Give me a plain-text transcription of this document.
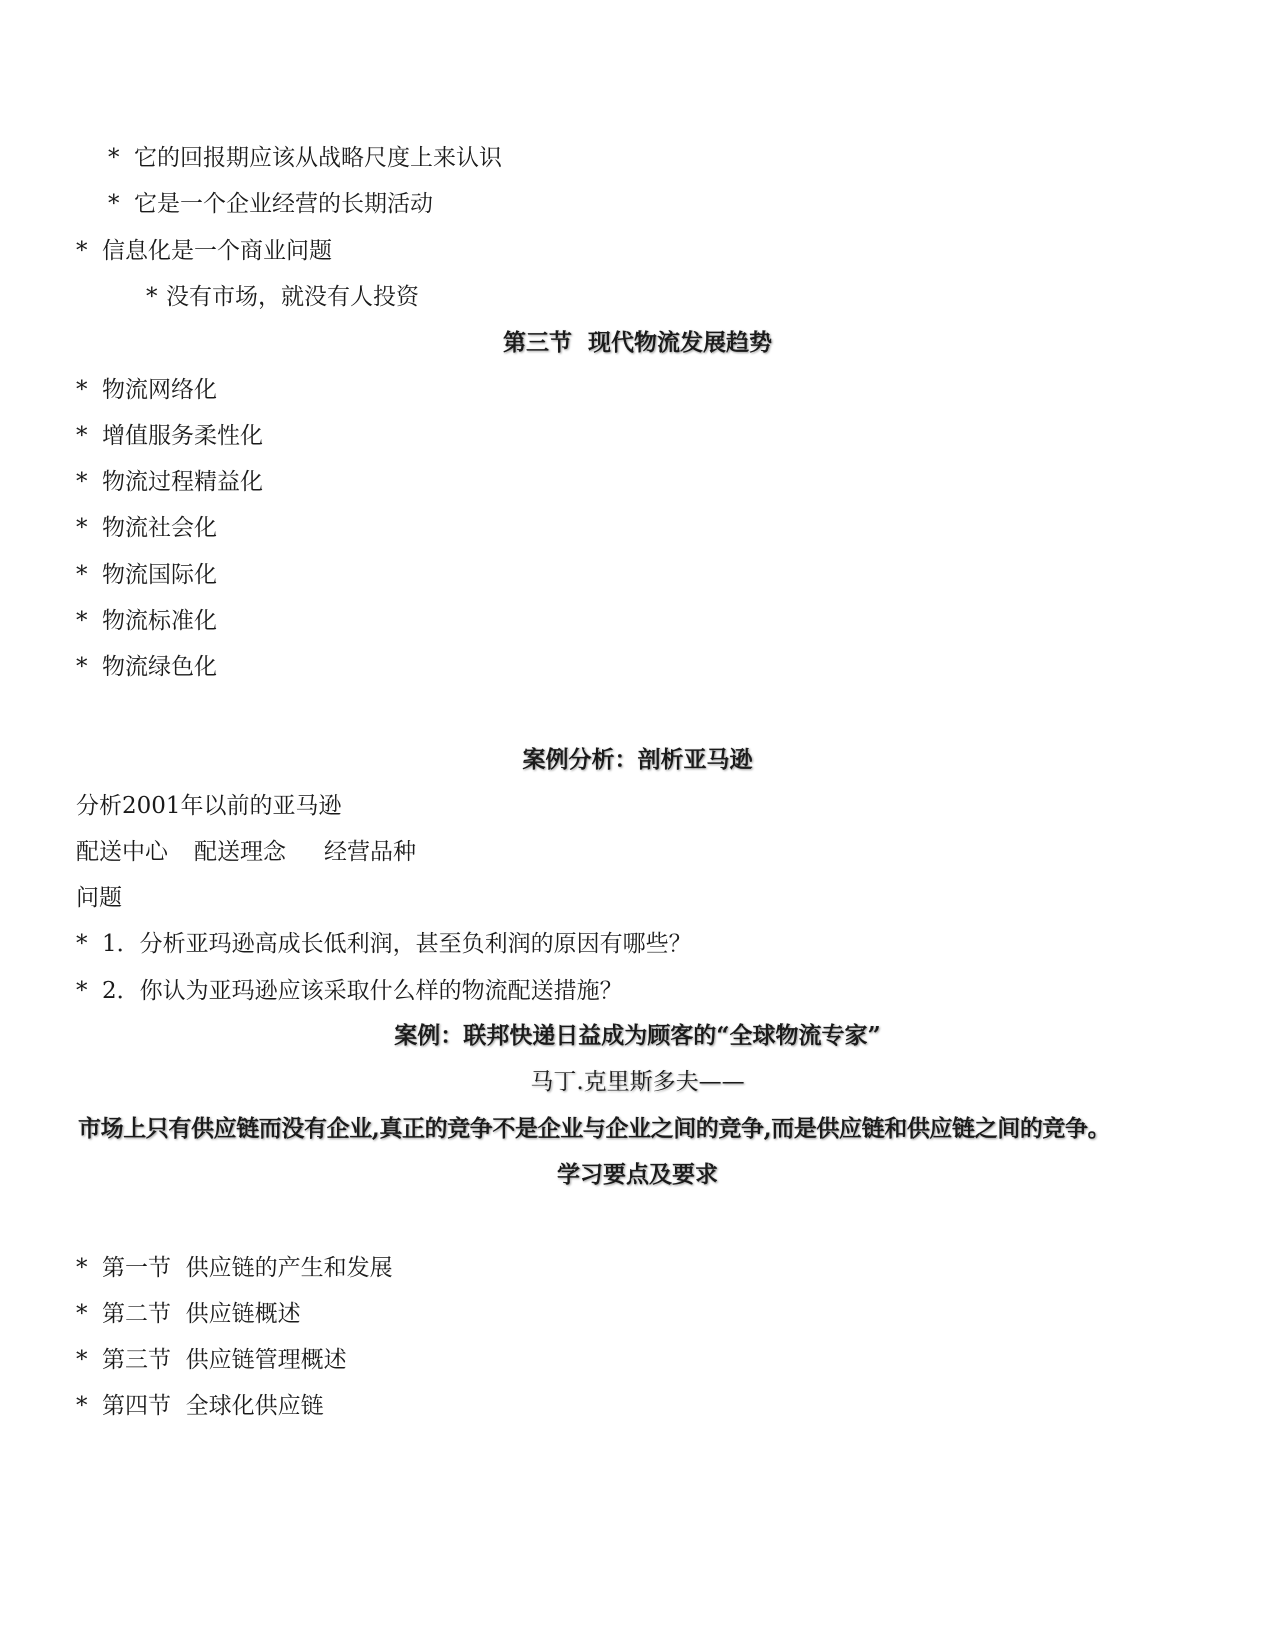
* 它的回报期应该从战略尺度上来认识

* 它是一个企业经营的长期活动

* 信息化是一个商业问题

* 没有市场，就没有人投资

第三节  现代物流发展趋势

* 物流网络化

* 增值服务柔性化

* 物流过程精益化

* 物流社会化

* 物流国际化

* 物流标准化

* 物流绿色化

案例分析：剖析亚马逊

分析2001年以前的亚马逊

配送中心 配送理念 经营品种

问题

* 1．分析亚玛逊高成长低利润，甚至负利润的原因有哪些？

* 2．你认为亚玛逊应该采取什么样的物流配送措施？

案例：联邦快递日益成为顾客的“全球物流专家”

马丁.克里斯多夫——

市场上只有供应链而没有企业,真正的竞争不是企业与企业之间的竞争,而是供应链和供应链之间的竞争。

学习要点及要求

* 第一节  供应链的产生和发展

* 第二节  供应链概述

* 第三节  供应链管理概述

* 第四节  全球化供应链
